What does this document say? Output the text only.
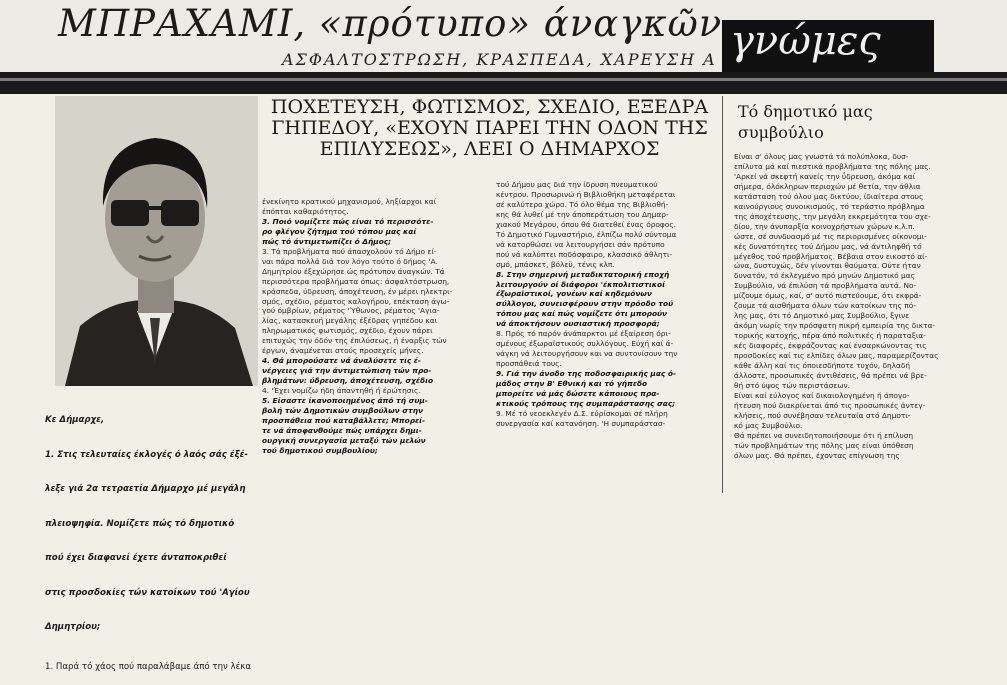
ΜΠΡΑΧΑΜΙ, «πρότυπο» άναγκῶν
ΑΣΦΑΛΤΟΣΤΡΩΣΗ, ΚΡΑΣΠΕΔΑ, ΧΑΡΕΥΣΗ Α γνώμες

Κε Δήμαρχε,

1. Στις τελευταίες έκλογές ό λαός σάς έξέ-

λεξε γιά 2α τετραετία Δήμαρχο μέ μεγάλη

πλειοψηφία. Νομίζετε πώς τό δημοτικό

πού έχει διαφανεί έχετε άνταποκριθεί

στις προσδοκίες τών κατοίκων τού 'Αγίου

Δημητρίου;

1. Παρά τό χάος πού παραλάβαμε άπό την λέκα

ΠΟΧΕΤΕΥΣΗ, ΦΩΤΙΣΜΟΣ, ΣΧΕΔΙΟ, ΕΞΕΔΡΑ
ΓΗΠΕΔΟΥ, «ΕΧΟΥΝ ΠΑΡΕΙ ΤΗΝ ΟΔΟΝ ΤΗΣ
ΕΠΙΛΥΣΕΩΣ», ΛΕΕΙ Ο ΔΗΜΑΡΧΟΣ
ένεκίνητο κρατικού μηχανισμού, ληξίαρχοι καί
έπόπται καθαριότητος.
3. Ποιό νομίζετε πώς είναι τό περισσότε-
ρο φλέγον ζήτημα τού τόπου μας καί
πώς τό άντιμετωπίζει ό Δήμος;
3. Τά προβλήματα πού άπασχολούν τό Δήμο εί-
ναι πάρα πολλά διά τον λόγο τούτο ό δήμος 'Α.
Δημητρίου έξεχώρησε ώς πρότυπον άναγκών. Τά
περισσότερα προβλήματα όπως: άσφαλτόστρωση,
κράσπεδα, ύδρευση, άποχέτευση, έν μέρει ηλεκτρι-
σμός, σχέδιο, ρέματος καλογήρου, επέκταση άγω-
γού όμβρίων, ρέματος 'Ύθωνος, ρέματος 'Αγια-
λίας, κατασκευή μεγάλης έξέδρας γηπέδου και
πληρωματικός φωτισμός, σχέδιο, έχουν πάρει
επιτυχώς την όδόν της έπιλύσεως, ή έναρξις τών
έργων, άναμένεται στούς προσεχείς μήνες.
4. Θά μπορούσατε νά άναλύσετε τις έ-
νέργειες γιά την άντιμετώπιση τών προ-
βλημάτων: ύδρευση, άποχέτευση, σχέδιο
4. 'Έχει νομίζω ήδη άπαντηθή ή έρώτησις.
5. Είσαστε ίκανοποιημένος άπό τή συμ-
βολή τών Δημοτικών συμβούλων στην
προσπάθεια πού καταβάλλετε; Μπορεί-
τε νά άποφανθούμε πώς υπάρχει δημι-
ουργική συνεργασία μεταξύ τών μελών
τού δημοτικού συμβουλίου;
τού Δήμου μας διά την ίδρυση πνευματικού
κέντρου. Προσωρινώ ή Βιβλιοθήκη μεταφέρεται
σέ καλύτερο χώρο. Τό όλο θέμα της Βιβλιοθή-
κης θά λυθεί μέ την άποπεράτωση του Δημαρ-
χιακού Μεγάρου, όπου θά διατεθεί ένας όροφος.
Τό Δημοτικό Γυμναστήριο, έλπίζω πολύ σύντομα
νά κατορθώσει να λειτουργήσει σάν πρότυπο
πού νά καλύπτει ποδόσφαιρο, κλασσικό άθλητι-
σμό, μπάσκετ, βόλεϋ, τένις κλπ.
8. Στην σημερινή μεταδικτατορική εποχή
λειτουργούν οί διάφοροι 'έκπολιτιστικοί
έξωραϊστικοί, γονέων καί κηδεμόνων
σύλλογοι, συνεισφέρουν στην πρόοδο τού
τόπου μας καί πώς νομίζετε ότι μπορούν
νά άποκτήσουν ουσιαστική προσφορά;
8. Πρός τό παρόν άνάπαρκτοι μέ έξαίρεση όρι-
σμένους έξωραϊστικούς συλλόγους. Εύχή καί ά-
νάγκη νά λειτουργήσουν και να συντονίσουν την
προσπάθειά τους.
9. Γιά την άνοδο της ποδοσφαιρικής μας ό-
μάδος στην Β' Εθνική και τό γήπεδο
μπορείτε νά μάς δώσετε κάποιους πρα-
κτικούς τρόπους της συμπαράστασης σας;
9. Μέ τό νεοεκλεγέν Δ.Σ. εύρίσκομαι σέ πλήρη
συνεργασία καί κατανόηση. 'Η συμπαράστασ-
Τό δημοτικό μας
συμβούλιο
Είναι σ' όλους μας γνωστά τά πολύπλοκα, δυσ-
επίλυτα μά καί πιεστικά προβλήματα της πόλης μας.
'Αρκεί νά σκεφτή κανείς την ΰδρευση, άκόμα καί
σήμερα, όλόκληρων περιοχών μέ θετία, την άθλια
κατάσταση τού όλου μας δικτύου, ίδιαίτερα στους
καινούργιους συνοικισμούς, τό τεράστιο πρόβλημα
της άποχέτευσης, την μεγάλη εκκρεμότητα του σχε-
δίου, την άνυπαρξία κοινοχρήστων χώρων κ.λ.π.
ώστε, σέ συνδυασμό μέ τις περιορισμένες οίκονομι-
κές δυνατότητες τού Δήμου μας, νά άντιληφθή τό
μέγεθος τού προβλήματος. Βέβαια στον εικοστό αί-
ώνα, δυστυχώς, δέν γίνονται θαύματα. Ούτε ήταν
δυνατόν, τό έκλεγμένο πρό μηνών Δημοτικό μας
Συμβούλιο, νά έπιλύση τά προβλήματα αυτά. Νο-
μίζουμε όμως, καί, σ' αυτό πιστεύουμε, ότι εκφρά-
ζουμε τά αισθήματα όλων τών κατοίκων της πό-
λης μας, ότι τό Δημοτικό μας Συμβούλιο, ξγινε
άκόμη νωρίς την πρόσφατη πικρή εμπειρία της δικτα-
τορικής κατοχής, πέρα άπό πολιτικές ή παραταξια-
κές διαφορές, έκφράζοντας καί ένσαρκώνοντας τις
προσδοκίες καί τις ελπίδες όλων μας, παραμερίζοντας
κάθε άλλη καί τις όποιεσδήποτε τυχόν, δηλαδή
άλλοστε, προσωπικές άντιθέσεις, θά πρέπει νά βρε-
θή στό ύψος τών περιστάσεων.
Είναι καί εύλογος καί δικαιολογημένη ή άπογο-
ήτευση πού διακρίνεται άπό τις προσωπικές άντεγ-
κλήσεις, πού συνέβησαν τελευταία στό Δημοτι-
κό μας Συμβούλιο.
Θά πρέπει να συνειδητοποιήσουμε ότι ή επίλυση
τών προβλημάτων της πόλης μας είναι ύπόθεση
όλων μας. Θά πρέπει, έχοντας επίγνωση της
